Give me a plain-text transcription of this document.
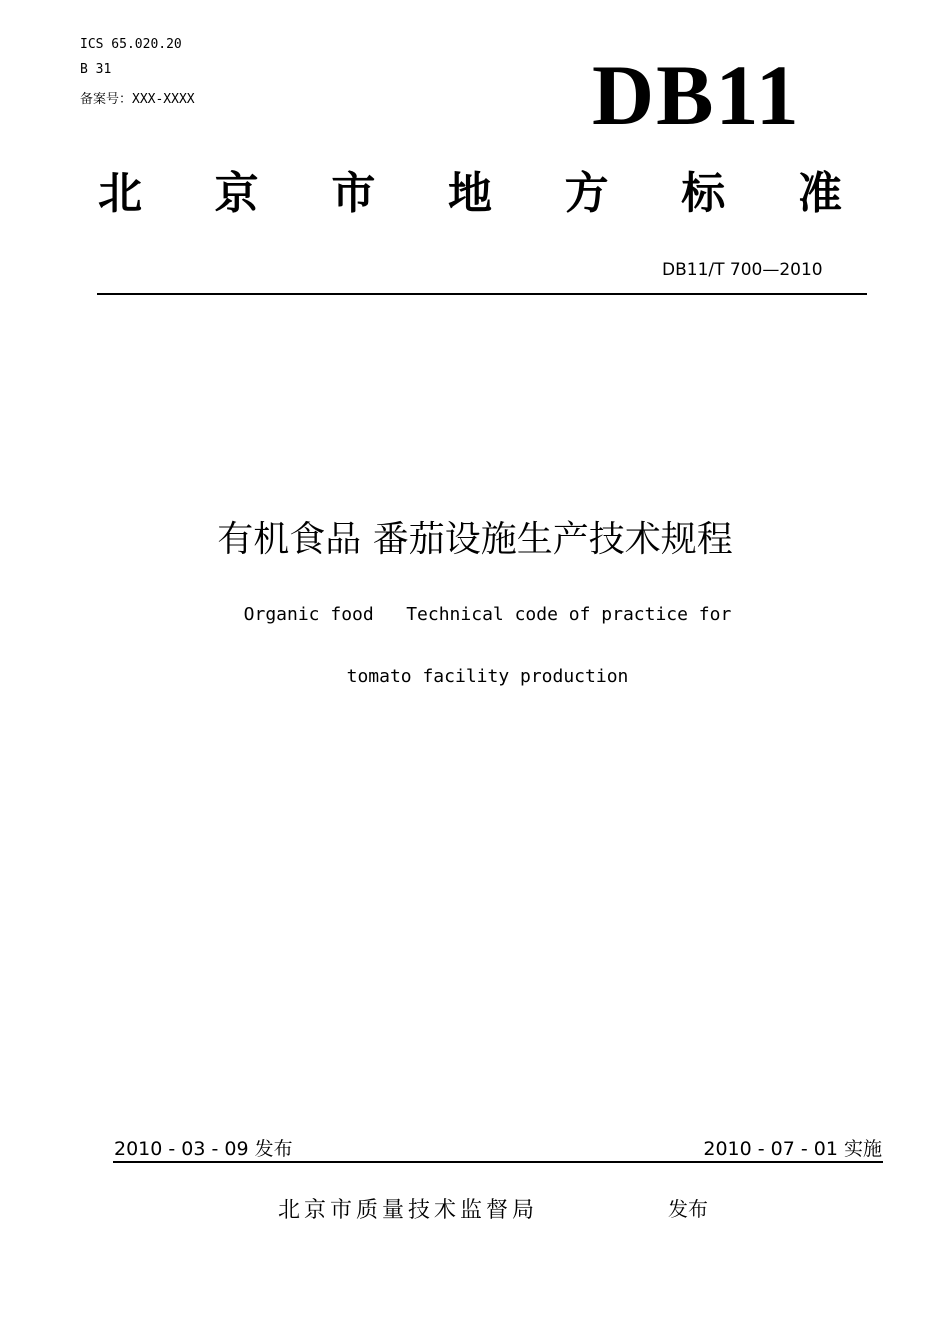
ICS 65.020.20
B 31
备案号：XXX-XXXX	DB11
北 京 市 地 方 标 准
DB11/T 700—2010
有机食品 番茄设施生产技术规程
Organic food   Technical code of practice for
tomato facility production
2010 - 03 - 09 发布	2010 - 07 - 01 实施
北京市质量技术监督局	发布
